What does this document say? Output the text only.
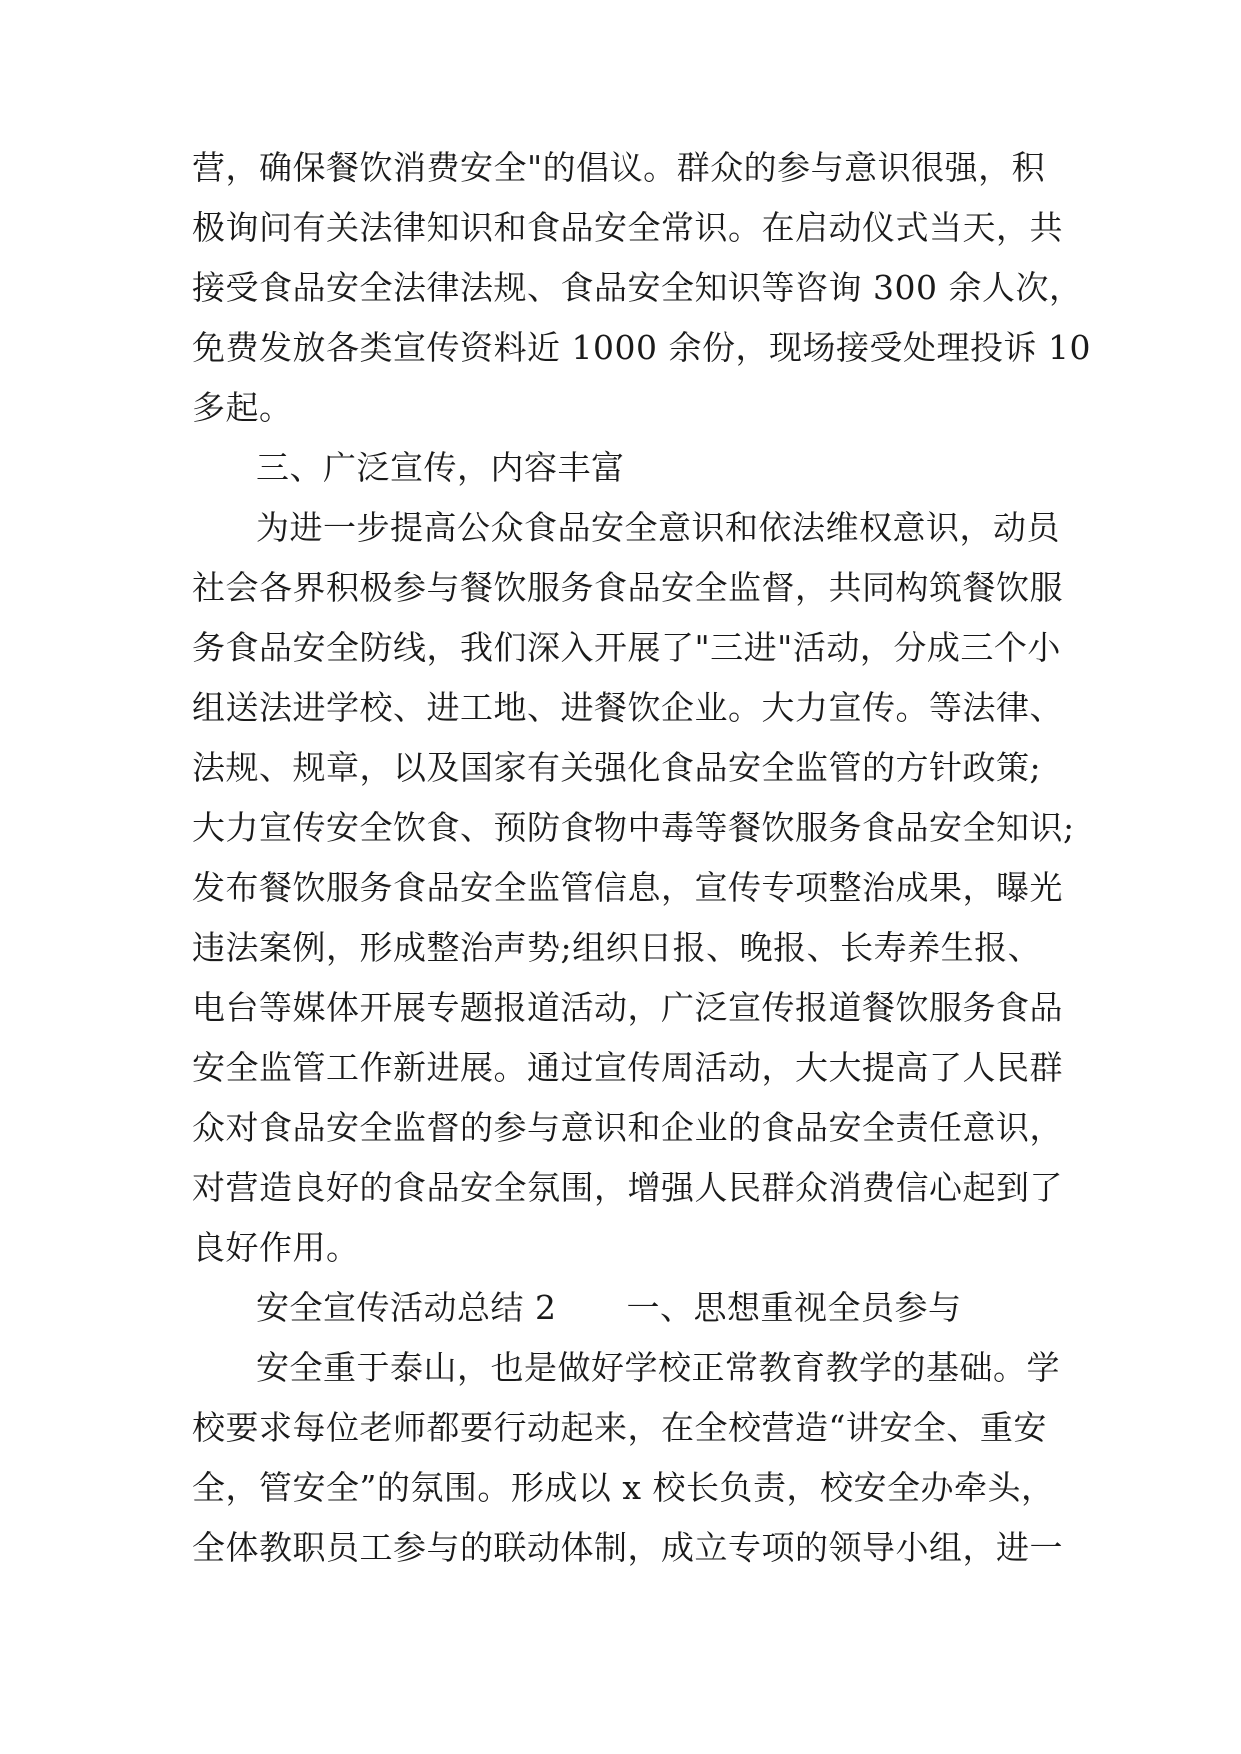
营，确保餐饮消费安全"的倡议。群众的参与意识很强，积
极询问有关法律知识和食品安全常识。在启动仪式当天，共
接受食品安全法律法规、食品安全知识等咨询 300 余人次，
免费发放各类宣传资料近 1000 余份，现场接受处理投诉 10
多起。
三、广泛宣传，内容丰富
为进一步提高公众食品安全意识和依法维权意识，动员
社会各界积极参与餐饮服务食品安全监督，共同构筑餐饮服
务食品安全防线，我们深入开展了"三进"活动，分成三个小
组送法进学校、进工地、进餐饮企业。大力宣传。等法律、
法规、规章，以及国家有关强化食品安全监管的方针政策;
大力宣传安全饮食、预防食物中毒等餐饮服务食品安全知识;
发布餐饮服务食品安全监管信息，宣传专项整治成果，曝光
违法案例，形成整治声势;组织日报、晚报、长寿养生报、
电台等媒体开展专题报道活动，广泛宣传报道餐饮服务食品
安全监管工作新进展。通过宣传周活动，大大提高了人民群
众对食品安全监督的参与意识和企业的食品安全责任意识，
对营造良好的食品安全氛围，增强人民群众消费信心起到了
良好作用。
安全宣传活动总结 2 一、思想重视全员参与
安全重于泰山，也是做好学校正常教育教学的基础。学
校要求每位老师都要行动起来，在全校营造“讲安全、重安
全，管安全”的氛围。形成以 x 校长负责，校安全办牵头，
全体教职员工参与的联动体制，成立专项的领导小组，进一
